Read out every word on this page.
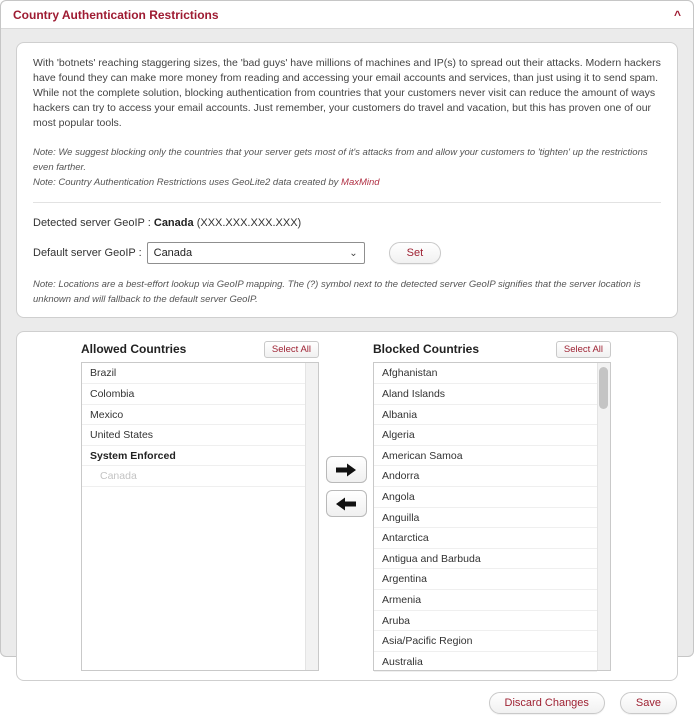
Country Authentication Restrictions	^

With 'botnets' reaching staggering sizes, the 'bad guys' have millions of machines and IP(s) to spread out their attacks. Modern hackers have found they can make more money from reading and accessing your email accounts and services, than just using it to send spam. While not the complete solution, blocking authentication from countries that your customers never visit can reduce the amount of ways hackers can try to access your email accounts. Just remember, your customers do travel and vacation, but this has proven one of our most popular tools.

Note: We suggest blocking only the countries that your server gets most of it's attacks from and allow your customers to 'tighten' up the restrictions even farther.
Note: Country Authentication Restrictions uses GeoLite2 data created by MaxMind
Detected server GeoIP : Canada (XXX.XXX.XXX.XXX)
Default server GeoIP : Canada	⌄	Set
Note: Locations are a best-effort lookup via GeoIP mapping. The (?) symbol next to the detected server GeoIP signifies that the server location is unknown and will fallback to the default server GeoIP.
Allowed Countries	Select All
Brazil
Colombia
Mexico
United States
System Enforced
Canada
Blocked Countries	Select All
Afghanistan
Aland Islands
Albania
Algeria
American Samoa
Andorra
Angola
Anguilla
Antarctica
Antigua and Barbuda
Argentina
Armenia
Aruba
Asia/Pacific Region
Australia
Discard Changes	Save
